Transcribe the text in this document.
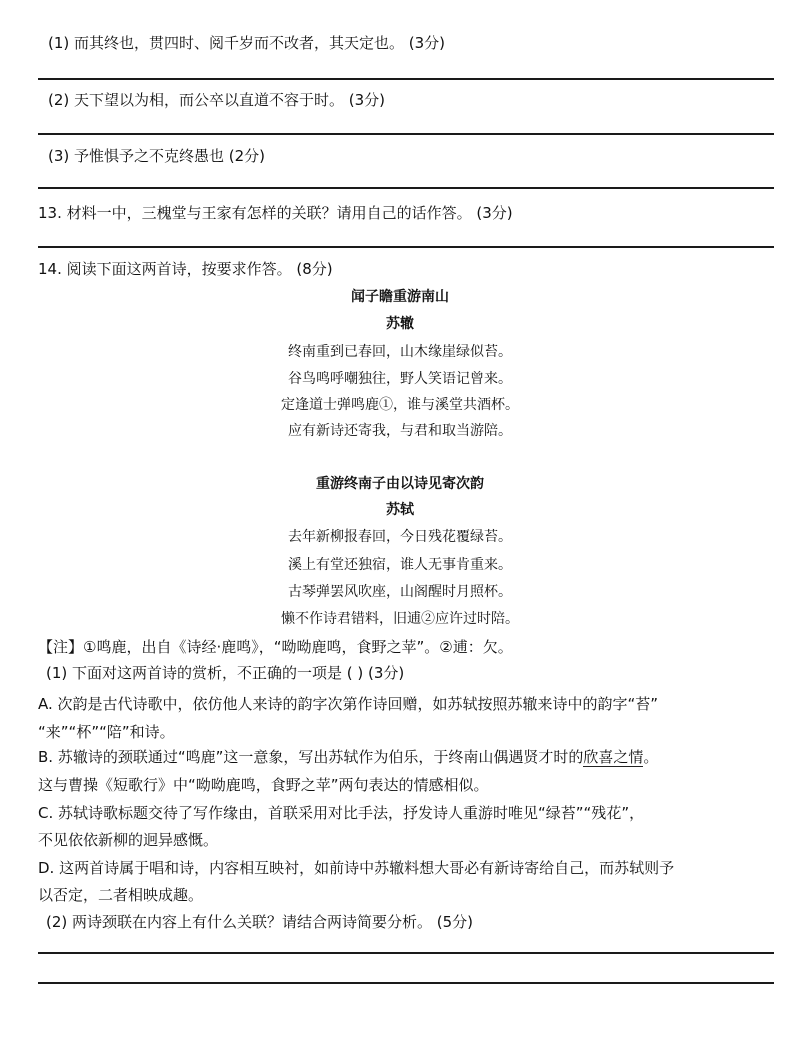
(1) 而其终也，贯四时、阅千岁而不改者，其天定也。 (3分)
(2) 天下望以为相，而公卒以直道不容于时。 (3分)
(3) 予惟惧予之不克终愚也 (2分)
13. 材料一中，三槐堂与王家有怎样的关联？请用自己的话作答。 (3分)
14. 阅读下面这两首诗，按要求作答。 (8分)
闻子瞻重游南山
苏辙
终南重到已春回，山木缘崖绿似苔。
谷鸟鸣呼嘲独往，野人笑语记曾来。
定逢道士弹鸣鹿①，谁与溪堂共酒杯。
应有新诗还寄我，与君和取当游陪。
重游终南子由以诗见寄次韵
苏轼
去年新柳报春回，今日残花覆绿苔。
溪上有堂还独宿，谁人无事肯重来。
古琴弹罢风吹座，山阁醒时月照杯。
懒不作诗君错料，旧逋②应许过时陪。
【注】①鸣鹿，出自《诗经·鹿鸣》，“呦呦鹿鸣，食野之苹”。②逋：欠。
(1) 下面对这两首诗的赏析，不正确的一项是 ( ) (3分)
A. 次韵是古代诗歌中，依仿他人来诗的韵字次第作诗回赠，如苏轼按照苏辙来诗中的韵字“苔”
“来”“杯”“陪”和诗。
B. 苏辙诗的颈联通过“鸣鹿”这一意象，写出苏轼作为伯乐，于终南山偶遇贤才时的欣喜之情。
这与曹操《短歌行》中“呦呦鹿鸣，食野之苹”两句表达的情感相似。
C. 苏轼诗歌标题交待了写作缘由，首联采用对比手法，抒发诗人重游时唯见“绿苔”“残花”，
不见依依新柳的迥异感慨。
D. 这两首诗属于唱和诗，内容相互映衬，如前诗中苏辙料想大哥必有新诗寄给自己，而苏轼则予
以否定，二者相映成趣。
(2) 两诗颈联在内容上有什么关联？请结合两诗简要分析。 (5分)
